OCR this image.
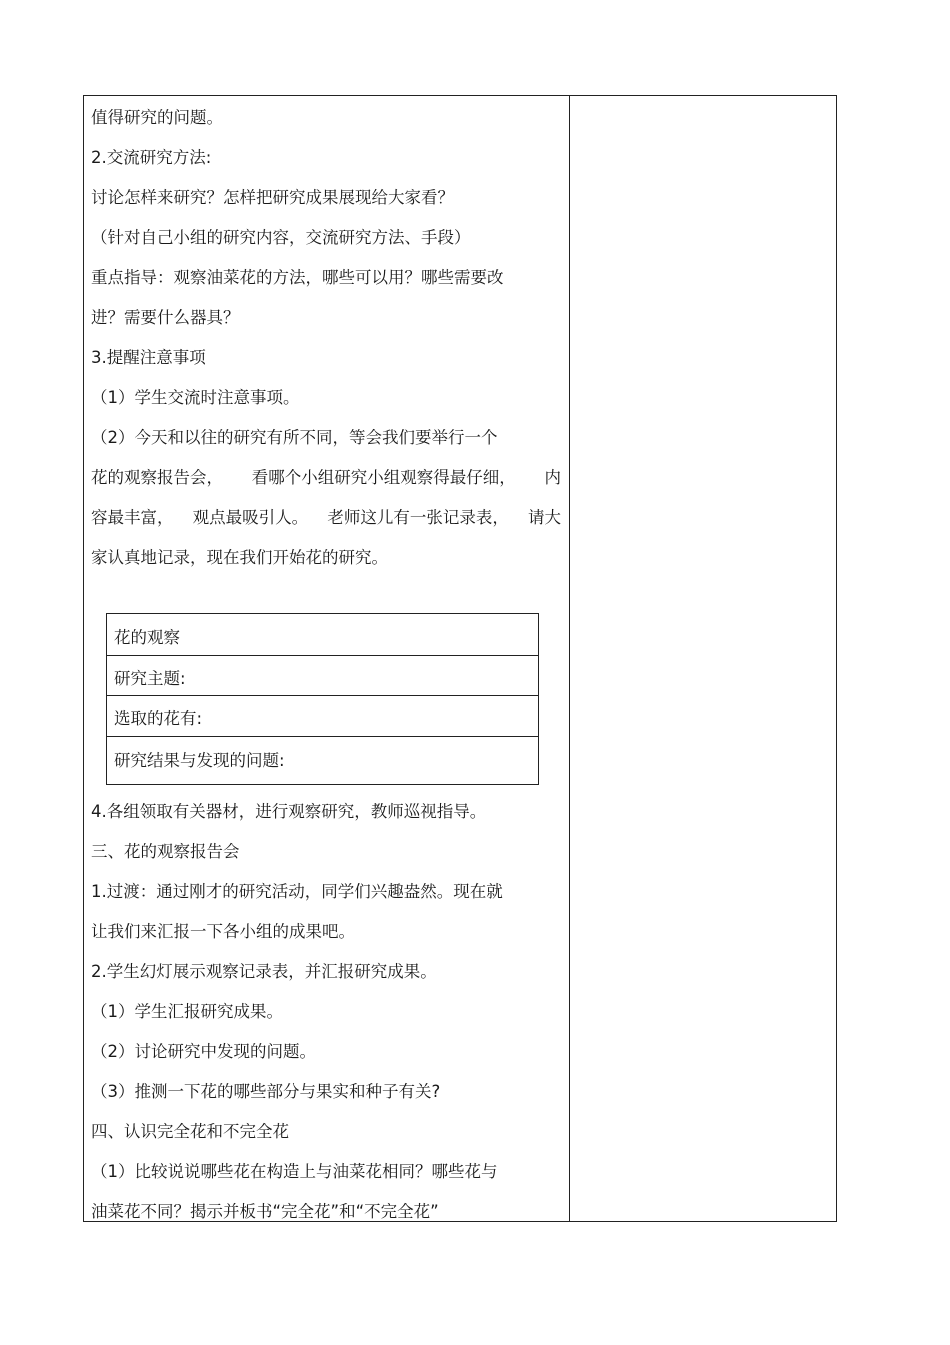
值得研究的问题。
2.交流研究方法:
讨论怎样来研究？怎样把研究成果展现给大家看？
（针对自己小组的研究内容，交流研究方法、手段）
重点指导：观察油菜花的方法，哪些可以用？哪些需要改
进？需要什么器具？
3.提醒注意事项
（1）学生交流时注意事项。
（2）今天和以往的研究有所不同，等会我们要举行一个
花的观察报告会， 看哪个小组研究小组观察得最仔细， 内
容最丰富， 观点最吸引人。 老师这儿有一张记录表， 请大
家认真地记录，现在我们开始花的研究。
花的观察
研究主题:
选取的花有:
研究结果与发现的问题:
4.各组领取有关器材，进行观察研究，教师巡视指导。
三、花的观察报告会
1.过渡：通过刚才的研究活动，同学们兴趣盎然。现在就
让我们来汇报一下各小组的成果吧。
2.学生幻灯展示观察记录表，并汇报研究成果。
（1）学生汇报研究成果。
（2）讨论研究中发现的问题。
（3）推测一下花的哪些部分与果实和种子有关?
四、认识完全花和不完全花
（1）比较说说哪些花在构造上与油菜花相同？哪些花与
油菜花不同？揭示并板书“完全花”和“不完全花”
